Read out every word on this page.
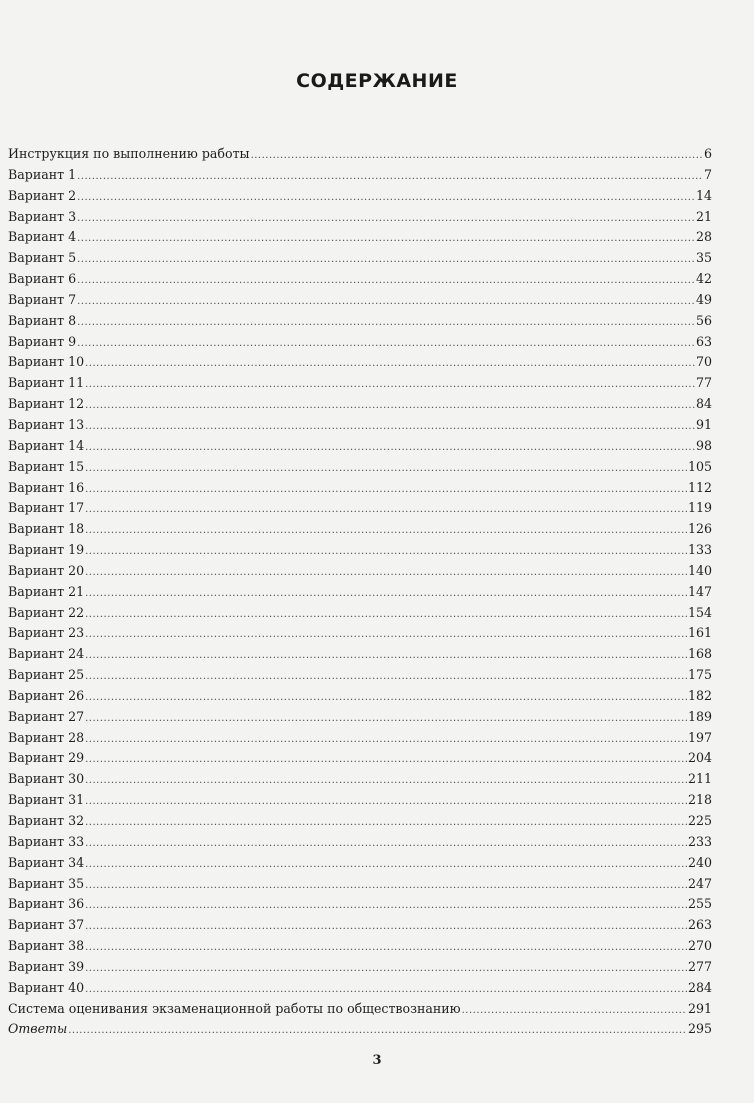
СОДЕРЖАНИЕ
Инструкция по выполнению работы .....	6
Вариант 1 .....	7
Вариант 2 .....	14
Вариант 3 .....	21
Вариант 4 .....	28
Вариант 5 .....	35
Вариант 6 .....	42
Вариант 7 .....	49
Вариант 8 .....	56
Вариант 9 .....	63
Вариант 10 .....	70
Вариант 11 .....	77
Вариант 12 .....	84
Вариант 13 .....	91
Вариант 14 .....	98
Вариант 15 .....	105
Вариант 16 .....	112
Вариант 17 .....	119
Вариант 18 .....	126
Вариант 19 .....	133
Вариант 20 .....	140
Вариант 21 .....	147
Вариант 22 .....	154
Вариант 23 .....	161
Вариант 24 .....	168
Вариант 25 .....	175
Вариант 26 .....	182
Вариант 27 .....	189
Вариант 28 .....	197
Вариант 29 .....	204
Вариант 30 .....	211
Вариант 31 .....	218
Вариант 32 .....	225
Вариант 33 .....	233
Вариант 34 .....	240
Вариант 35 .....	247
Вариант 36 .....	255
Вариант 37 .....	263
Вариант 38 .....	270
Вариант 39 .....	277
Вариант 40 .....	284
Система оценивания экзаменационной работы по обществознанию .....	291
Ответы .....	295
3
